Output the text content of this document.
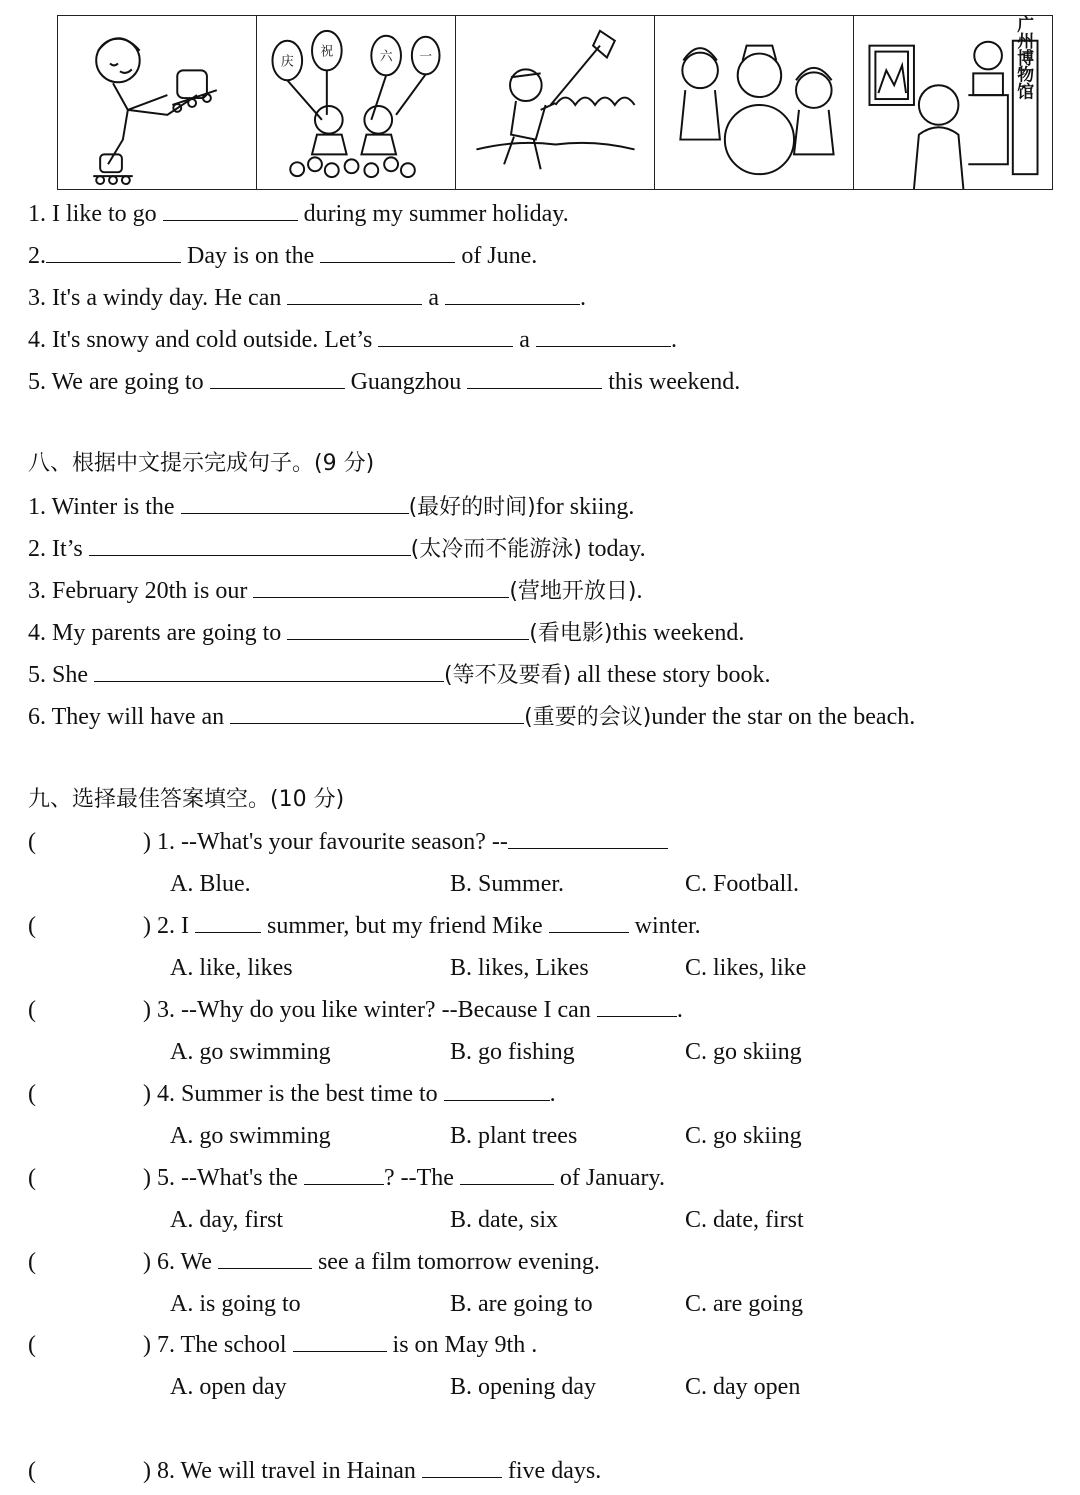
庆
祝	六 一	广州博物馆
1. I like to go	during my summer holiday.
2.	Day is on the	of June.
3. It's a windy day. He can	a	.
4. It's snowy and cold outside. Let’s	a	.
5. We are going to	Guangzhou	this weekend.
八、根据中文提示完成句子。(9 分)
1. Winter is the	(最好的时间)for skiing.
2. It’s	(太冷而不能游泳) today.
3. February 20th is our	(营地开放日).
4. My parents are going to	(看电影)this weekend.
5. She	(等不及要看) all these story book.
6. They will have an	(重要的会议)under the star on the beach.
九、选择最佳答案填空。(10 分)
(	) 1. --What's your favourite season? --
A. Blue.	B. Summer.	C. Football.
(	) 2. I	summer, but my friend Mike	winter.
A. like, likes	B. likes, Likes	C. likes, like
(	) 3. --Why do you like winter? --Because I can	.
A. go swimming	B. go fishing	C. go skiing
(	) 4. Summer is the best time to	.
A. go swimming	B. plant trees	C. go skiing
(	) 5. --What's the	? --The	of January.
A. day, first	B. date, six	C. date, first
(	) 6. We	see a film tomorrow evening.
A. is going to	B. are going to	C. are going
(	) 7. The school	is on May 9th .
A. open day	B. opening day	C. day open
(	) 8. We will travel in Hainan	five days.
